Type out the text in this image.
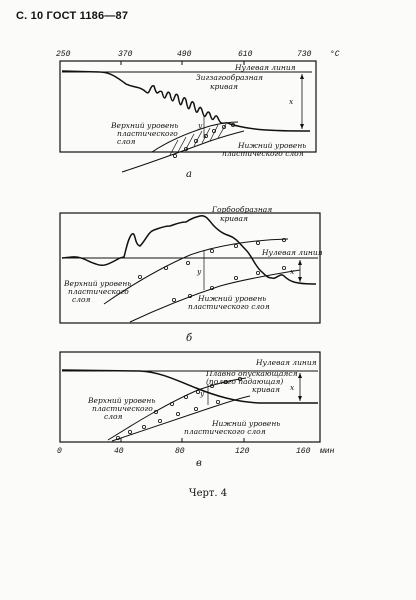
С. 10 ГОСТ 1186—87
250	370	490	610	730 °C
Нулевая линия
Зигзагообразная
кривая
x
y
Верхний уровень
пластического
слоя	Нижний уровень
пластического слоя
а
Нулевая линия
Горбообразная
кривая
x
y
Верхний уровень
пластического
слоя	Нижний уровень
пластического слоя
б
Нулевая линия
Плавно опускающаяся
(полого падающая)
кривая x
y
Верхний уровень
пластического
слоя
Нижний уровень
пластического слоя
0	40	80	120	160 мин
в
Черт. 4
